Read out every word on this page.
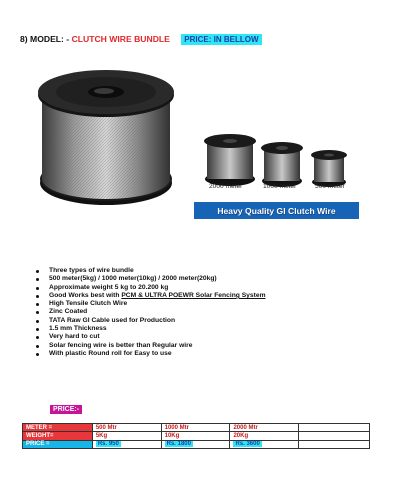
8) MODEL: - CLUTCH WIRE BUNDLE PRICE: IN BELLOW
2000 meter	1000 meter	500 meter
Heavy Quality GI Clutch Wire
Three types of wire bundle
500 meter(5kg) / 1000 meter(10kg) / 2000 meter(20kg)
Approximate weight 5 kg to 20.200 kg
Good Works best with PCM & ULTRA POEWR Solar Fencing System
High Tensile Clutch Wire
Zinc Coated
TATA Raw GI Cable used for Production
1.5 mm Thickness
Very hard to cut
Solar fencing wire is better than Regular wire
With plastic Round roll for Easy to use
PRICE:-
METER =	500 Mtr	1000 Mtr	2000 Mtr	
WEIGHT=	5Kg	10Kg	20Kg	
PRICE =	Rs. 950	Rs. 1800	Rs. 3600	
